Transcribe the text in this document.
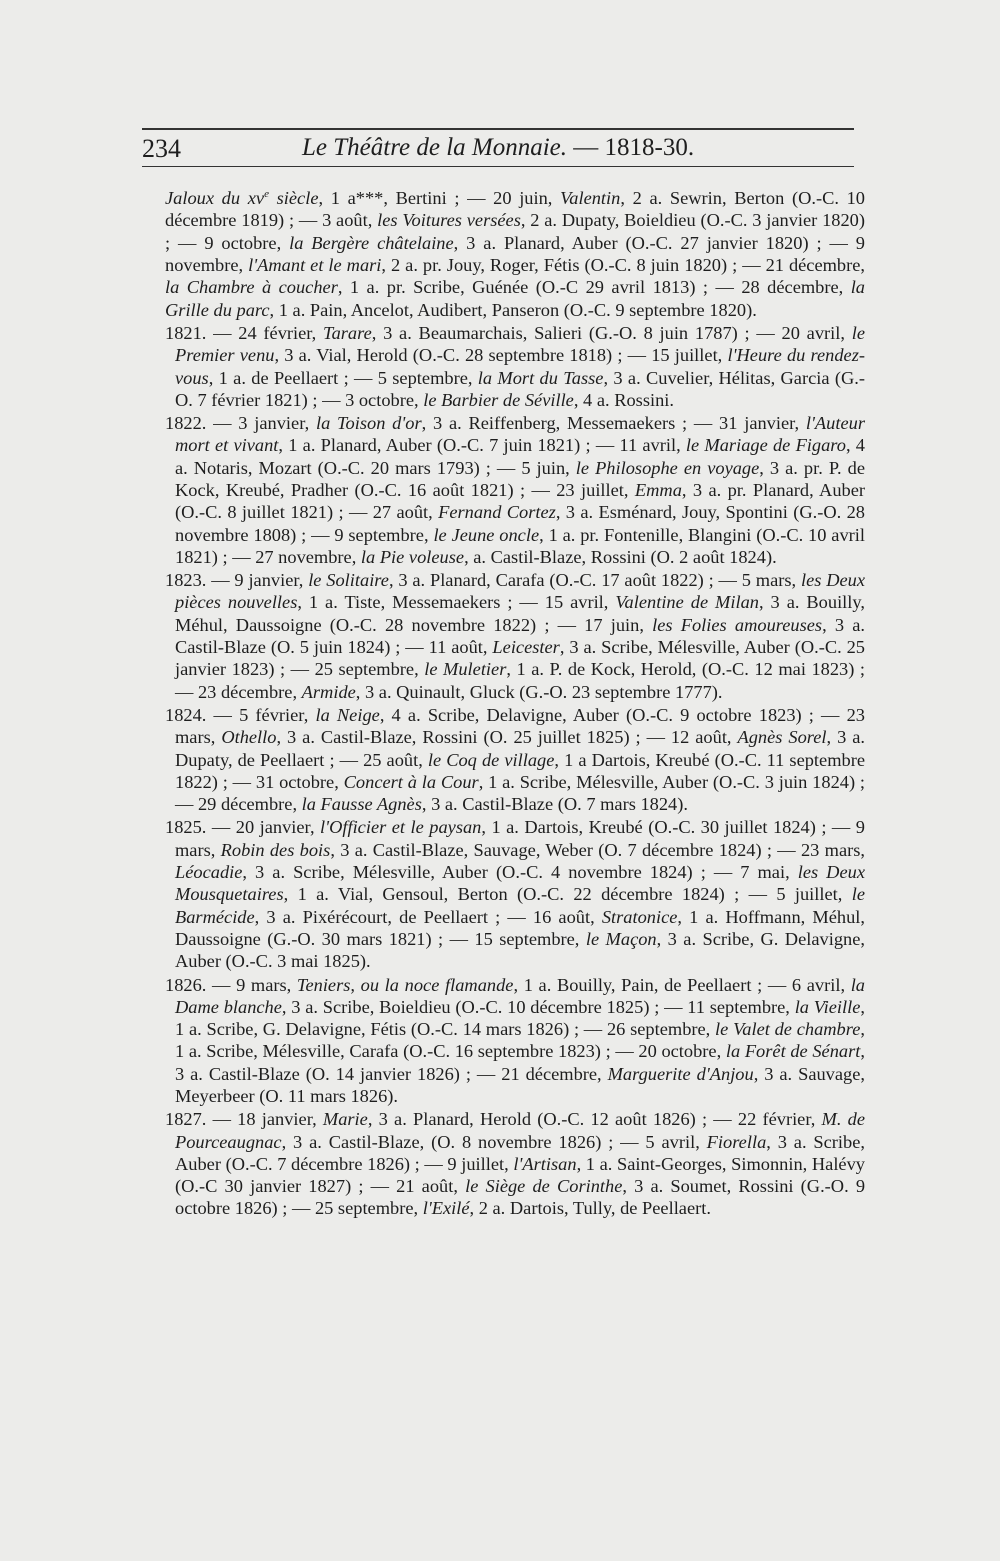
234	Le Théâtre de la Monnaie. — 1818-30.

Jaloux du $xv^e$ siècle, 1 a***, Bertini ; — 20 juin, Valentin, 2 a. Sewrin, Berton (O.-C. 10 décembre 1819) ; — 3 août, les Voitures versées, 2 a. Dupaty, Boieldieu (O.-C. 3 janvier 1820) ; — 9 octobre, la Bergère châtelaine, 3 a. Planard, Auber (O.-C. 27 janvier 1820) ; — 9 novembre, l'Amant et le mari, 2 a. pr. Jouy, Roger, Fétis (O.-C. 8 juin 1820) ; — 21 décembre, la Chambre à coucher, 1 a. pr. Scribe, Guénée (O.-C 29 avril 1813) ; — 28 décembre, la Grille du parc, 1 a. Pain, Ancelot, Audibert, Panseron (O.-C. 9 septembre 1820).

1821. — 24 février, Tarare, 3 a. Beaumarchais, Salieri (G.-O. 8 juin 1787) ; — 20 avril, le Premier venu, 3 a. Vial, Herold (O.-C. 28 septembre 1818) ; — 15 juillet, l'Heure du rendez-vous, 1 a. de Peellaert ; — 5 septembre, la Mort du Tasse, 3 a. Cuvelier, Hélitas, Garcia (G.-O. 7 février 1821) ; — 3 octobre, le Barbier de Séville, 4 a. Rossini.

1822. — 3 janvier, la Toison d'or, 3 a. Reiffenberg, Messemaekers ; — 31 janvier, l'Auteur mort et vivant, 1 a. Planard, Auber (O.-C. 7 juin 1821) ; — 11 avril, le Mariage de Figaro, 4 a. Notaris, Mozart (O.-C. 20 mars 1793) ; — 5 juin, le Philosophe en voyage, 3 a. pr. P. de Kock, Kreubé, Pradher (O.-C. 16 août 1821) ; — 23 juillet, Emma, 3 a. pr. Planard, Auber (O.-C. 8 juillet 1821) ; — 27 août, Fernand Cortez, 3 a. Esménard, Jouy, Spontini (G.-O. 28 novembre 1808) ; — 9 septembre, le Jeune oncle, 1 a. pr. Fontenille, Blangini (O.-C. 10 avril 1821) ; — 27 novembre, la Pie voleuse, a. Castil-Blaze, Rossini (O. 2 août 1824).

1823. — 9 janvier, le Solitaire, 3 a. Planard, Carafa (O.-C. 17 août 1822) ; — 5 mars, les Deux pièces nouvelles, 1 a. Tiste, Messemaekers ; — 15 avril, Valentine de Milan, 3 a. Bouilly, Méhul, Daussoigne (O.-C. 28 novembre 1822) ; — 17 juin, les Folies amoureuses, 3 a. Castil-Blaze (O. 5 juin 1824) ; — 11 août, Leicester, 3 a. Scribe, Mélesville, Auber (O.-C. 25 janvier 1823) ; — 25 septembre, le Muletier, 1 a. P. de Kock, Herold, (O.-C. 12 mai 1823) ; — 23 décembre, Armide, 3 a. Quinault, Gluck (G.-O. 23 septembre 1777).

1824. — 5 février, la Neige, 4 a. Scribe, Delavigne, Auber (O.-C. 9 octobre 1823) ; — 23 mars, Othello, 3 a. Castil-Blaze, Rossini (O. 25 juillet 1825) ; — 12 août, Agnès Sorel, 3 a. Dupaty, de Peellaert ; — 25 août, le Coq de village, 1 a Dartois, Kreubé (O.-C. 11 septembre 1822) ; — 31 octobre, Concert à la Cour, 1 a. Scribe, Mélesville, Auber (O.-C. 3 juin 1824) ; — 29 décembre, la Fausse Agnès, 3 a. Castil-Blaze (O. 7 mars 1824).

1825. — 20 janvier, l'Officier et le paysan, 1 a. Dartois, Kreubé (O.-C. 30 juillet 1824) ; — 9 mars, Robin des bois, 3 a. Castil-Blaze, Sauvage, Weber (O. 7 décembre 1824) ; — 23 mars, Léocadie, 3 a. Scribe, Mélesville, Auber (O.-C. 4 novembre 1824) ; — 7 mai, les Deux Mousquetaires, 1 a. Vial, Gensoul, Berton (O.-C. 22 décembre 1824) ; — 5 juillet, le Barmécide, 3 a. Pixérécourt, de Peellaert ; — 16 août, Stratonice, 1 a. Hoffmann, Méhul, Daussoigne (G.-O. 30 mars 1821) ; — 15 septembre, le Maçon, 3 a. Scribe, G. Delavigne, Auber (O.-C. 3 mai 1825).

1826. — 9 mars, Teniers, ou la noce flamande, 1 a. Bouilly, Pain, de Peellaert ; — 6 avril, la Dame blanche, 3 a. Scribe, Boieldieu (O.-C. 10 décembre 1825) ; — 11 septembre, la Vieille, 1 a. Scribe, G. Delavigne, Fétis (O.-C. 14 mars 1826) ; — 26 septembre, le Valet de chambre, 1 a. Scribe, Mélesville, Carafa (O.-C. 16 septembre 1823) ; — 20 octobre, la Forêt de Sénart, 3 a. Castil-Blaze (O. 14 janvier 1826) ; — 21 décembre, Marguerite d'Anjou, 3 a. Sauvage, Meyerbeer (O. 11 mars 1826).

1827. — 18 janvier, Marie, 3 a. Planard, Herold (O.-C. 12 août 1826) ; — 22 février, M. de Pourceaugnac, 3 a. Castil-Blaze, (O. 8 novembre 1826) ; — 5 avril, Fiorella, 3 a. Scribe, Auber (O.-C. 7 décembre 1826) ; — 9 juillet, l'Artisan, 1 a. Saint-Georges, Simonnin, Halévy (O.-C 30 janvier 1827) ; — 21 août, le Siège de Corinthe, 3 a. Soumet, Rossini (G.-O. 9 octobre 1826) ; — 25 septembre, l'Exilé, 2 a. Dartois, Tully, de Peellaert.
